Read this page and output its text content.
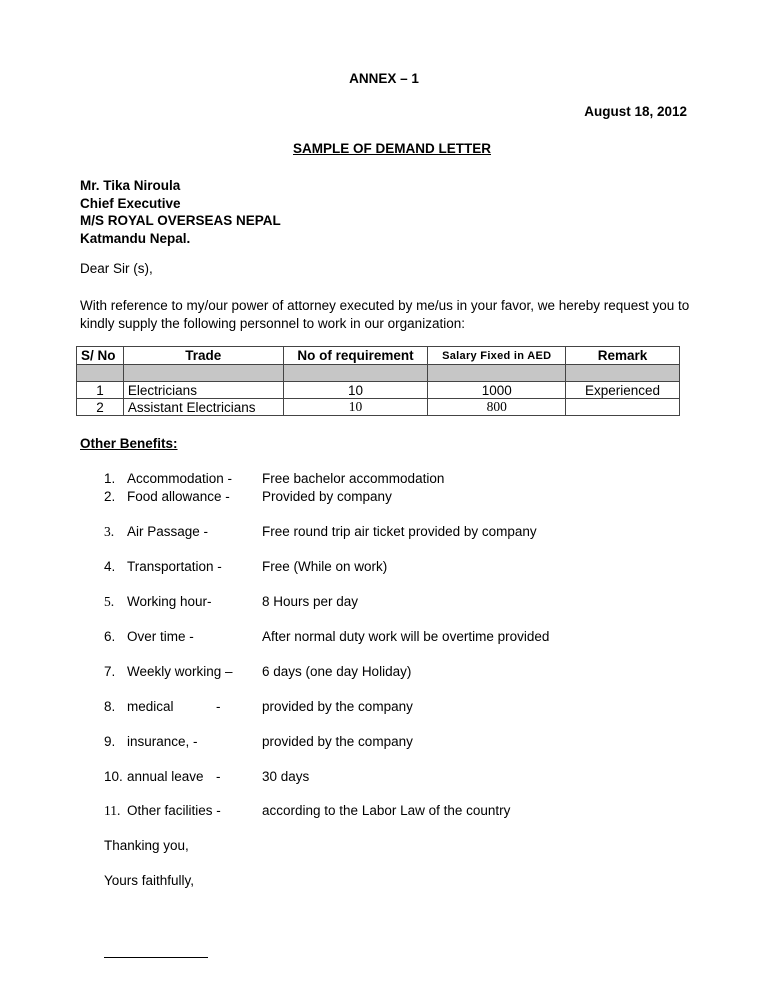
ANNEX – 1
August 18, 2012
SAMPLE OF DEMAND LETTER
Mr. Tika Niroula
Chief Executive
M/S ROYAL OVERSEAS NEPAL
Katmandu Nepal.
Dear Sir (s),
With reference to my/our power of attorney executed by me/us in your favor, we hereby request you to kindly supply the following personnel to work in our organization:
S/ No	Trade	No of requirement	Salary Fixed in AED	Remark

1	Electricians	10	1000	Experienced
2	Assistant Electricians	10	800	
Other Benefits:
1. Accommodation - Free bachelor accommodation
2. Food allowance - Provided by company
3. Air Passage -	Free round trip air ticket provided by company
4. Transportation -	Free (While on work)
5. Working hour-	8 Hours per day
6. Over time -	After normal duty work will be overtime provided
7. Weekly working – 6 days (one day Holiday)
8. medical	-	provided by the company
9. insurance, -	provided by the company
10. annual leave -	30 days
11. Other facilities -	according to the Labor Law of the country
Thanking you,
Yours faithfully,
